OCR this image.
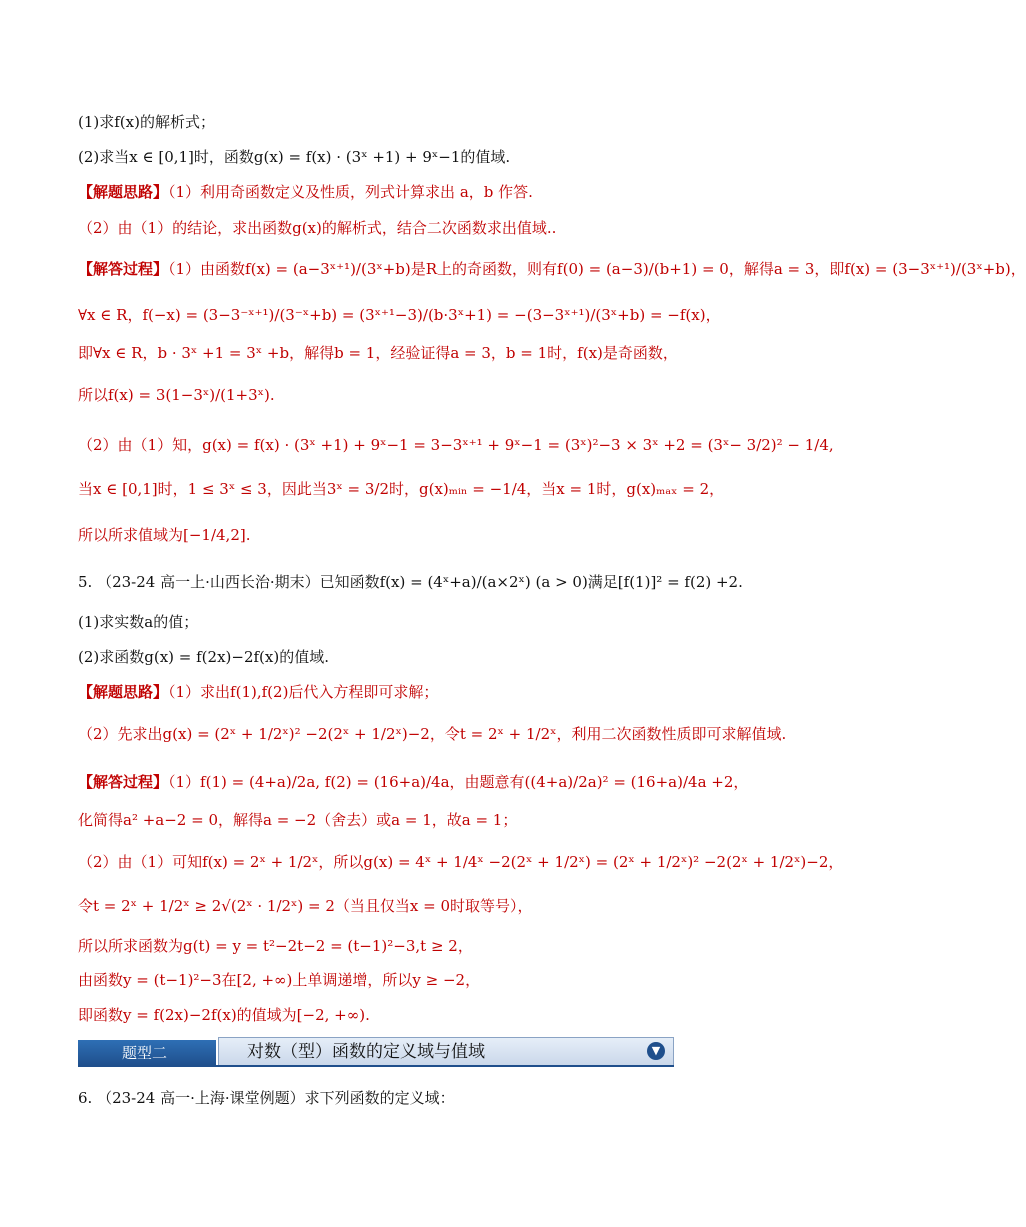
(1)求f(x)的解析式；
(2)求当x ∈ [0,1]时，函数g(x) = f(x) · (3ˣ +1) + 9ˣ−1的值域.
【解题思路】（1）利用奇函数定义及性质，列式计算求出 a，b 作答.
（2）由（1）的结论，求出函数g(x)的解析式，结合二次函数求出值域..
【解答过程】（1）由函数f(x) = (a−3ˣ⁺¹)/(3ˣ+b)是R上的奇函数，则有f(0) = (a−3)/(b+1) = 0，解得a = 3，即f(x) = (3−3ˣ⁺¹)/(3ˣ+b)，
∀x ∈ R，f(−x) = (3−3⁻ˣ⁺¹)/(3⁻ˣ+b) = (3ˣ⁺¹−3)/(b·3ˣ+1) = −(3−3ˣ⁺¹)/(3ˣ+b) = −f(x)，
即∀x ∈ R，b · 3ˣ +1 = 3ˣ +b，解得b = 1，经验证得a = 3，b = 1时，f(x)是奇函数，
所以f(x) = 3(1−3ˣ)/(1+3ˣ).
（2）由（1）知，g(x) = f(x) · (3ˣ +1) + 9ˣ−1 = 3−3ˣ⁺¹ + 9ˣ−1 = (3ˣ)²−3 × 3ˣ +2 = (3ˣ− 3/2)² − 1/4,
当x ∈ [0,1]时，1 ≤ 3ˣ ≤ 3，因此当3ˣ = 3/2时，g(x)ₘᵢₙ = −1/4，当x = 1时，g(x)ₘₐₓ = 2，
所以所求值域为[−1/4,2].
5. （23-24 高一上·山西长治·期末）已知函数f(x) = (4ˣ+a)/(a×2ˣ) (a > 0)满足[f(1)]² = f(2) +2.
(1)求实数a的值；
(2)求函数g(x) = f(2x)−2f(x)的值域.
【解题思路】（1）求出f(1),f(2)后代入方程即可求解；
（2）先求出g(x) = (2ˣ + 1/2ˣ)² −2(2ˣ + 1/2ˣ)−2，令t = 2ˣ + 1/2ˣ，利用二次函数性质即可求解值域.
【解答过程】（1）f(1) = (4+a)/2a, f(2) = (16+a)/4a，由题意有((4+a)/2a)² = (16+a)/4a +2，
化简得a² +a−2 = 0，解得a = −2（舍去）或a = 1，故a = 1；
（2）由（1）可知f(x) = 2ˣ + 1/2ˣ，所以g(x) = 4ˣ + 1/4ˣ −2(2ˣ + 1/2ˣ) = (2ˣ + 1/2ˣ)² −2(2ˣ + 1/2ˣ)−2，
令t = 2ˣ + 1/2ˣ ≥ 2√(2ˣ · 1/2ˣ) = 2（当且仅当x = 0时取等号），
所以所求函数为g(t) = y = t²−2t−2 = (t−1)²−3,t ≥ 2，
由函数y = (t−1)²−3在[2, +∞)上单调递增，所以y ≥ −2，
即函数y = f(2x)−2f(x)的值域为[−2, +∞).
6. （23-24 高一·上海·课堂例题）求下列函数的定义域：
题型二	对数（型）函数的定义域与值域	▼
